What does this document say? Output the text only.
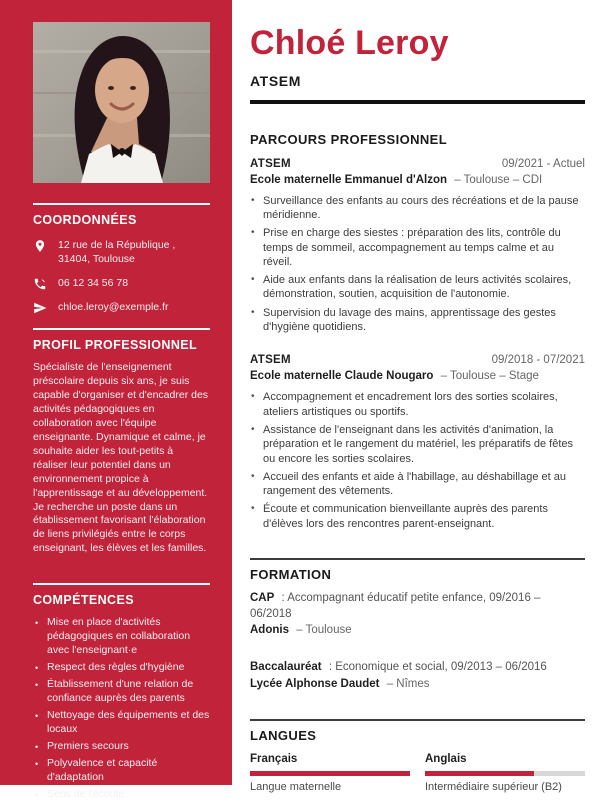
COORDONNÉES
12 rue de la République , 31404, Toulouse
06 12 34 56 78
chloe.leroy@exemple.fr
PROFIL PROFESSIONNEL

Spécialiste de l'enseignement préscolaire depuis six ans, je suis capable d'organiser et d'encadrer des activités pédagogiques en collaboration avec l'équipe enseignante. Dynamique et calme, je souhaite aider les tout-petits à réaliser leur potentiel dans un environnement propice à l'apprentissage et au développement. Je recherche un poste dans un établissement favorisant l'élaboration de liens privilégiés entre le corps enseignant, les élèves et les familles.

COMPÉTENCES
• Mise en place d'activités pédagogiques en collaboration avec l'enseignant·e
• Respect des règles d'hygiène
• Établissement d'une relation de confiance auprès des parents
• Nettoyage des équipements et des locaux
• Premiers secours
• Polyvalence et capacité d'adaptation
• Sens de l'écoute
Chloé Leroy
ATSEM
PARCOURS PROFESSIONNEL
ATSEM	09/2021 - Actuel
Ecole maternelle Emmanuel d'Alzon – Toulouse – CDI
• Surveillance des enfants au cours des récréations et de la pause méridienne.
• Prise en charge des siestes : préparation des lits, contrôle du temps de sommeil, accompagnement au temps calme et au réveil.
• Aide aux enfants dans la réalisation de leurs activités scolaires, démonstration, soutien, acquisition de l'autonomie.
• Supervision du lavage des mains, apprentissage des gestes d'hygiène quotidiens.
ATSEM	09/2018 - 07/2021
Ecole maternelle Claude Nougaro – Toulouse – Stage
• Accompagnement et encadrement lors des sorties scolaires, ateliers artistiques ou sportifs.
• Assistance de l'enseignant dans les activités d'animation, la préparation et le rangement du matériel, les préparatifs de fêtes ou encore les sorties scolaires.
• Accueil des enfants et aide à l'habillage, au déshabillage et au rangement des vêtements.
• Écoute et communication bienveillante auprès des parents d'élèves lors des rencontres parent-enseignant.
FORMATION
CAP : Accompagnant éducatif petite enfance, 09/2016 – 06/2018
Adonis – Toulouse
Baccalauréat : Economique et social, 09/2013 – 06/2016
Lycée Alphonse Daudet – Nîmes
LANGUES
Français
Langue maternelle
Anglais
Intermédiaire supérieur (B2)
